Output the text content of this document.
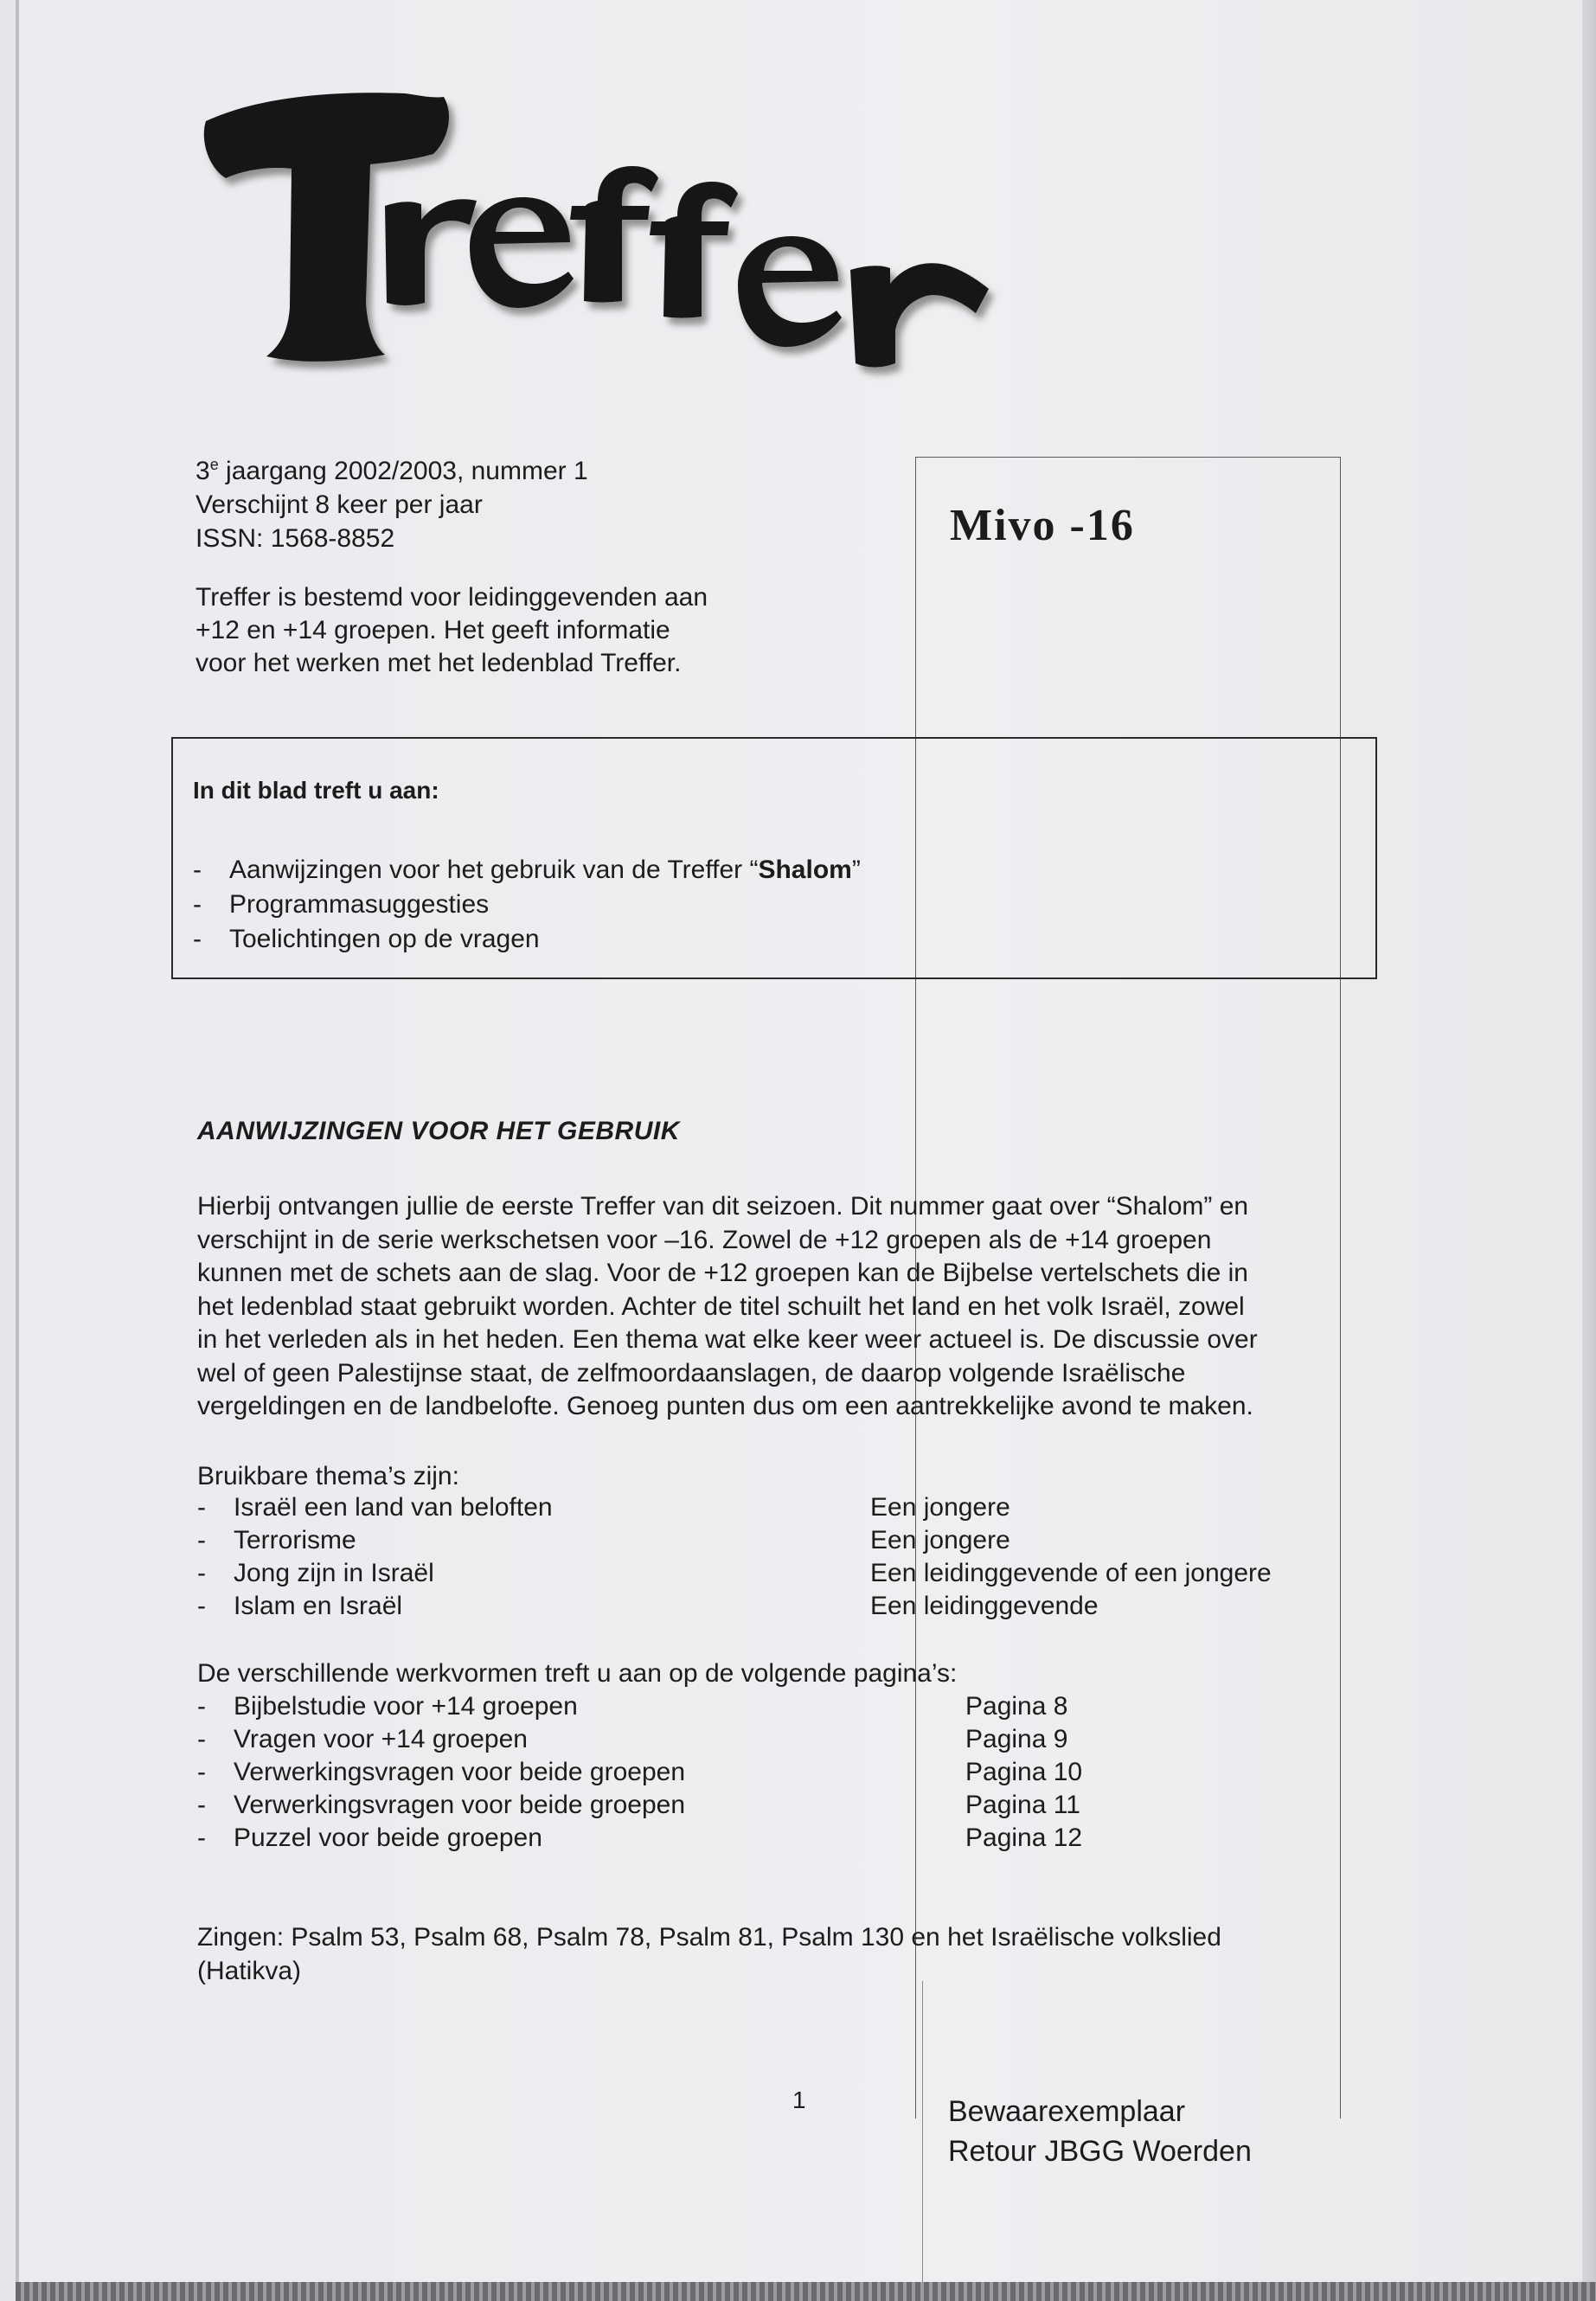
3e jaargang 2002/2003, nummer 1
Verschijnt 8 keer per jaar
ISSN: 1568-8852
Treffer is bestemd voor leidinggevenden aan
+12 en +14 groepen. Het geeft informatie
voor het werken met het ledenblad Treffer.
Mivo -16
In dit blad treft u aan:
- Aanwijzingen voor het gebruik van de Treffer “Shalom”
- Programmasuggesties
- Toelichtingen op de vragen
AANWIJZINGEN VOOR HET GEBRUIK
Hierbij ontvangen jullie de eerste Treffer van dit seizoen. Dit nummer gaat over “Shalom” en
verschijnt in de serie werkschetsen voor –16. Zowel de +12 groepen als de +14 groepen
kunnen met de schets aan de slag. Voor de +12 groepen kan de Bijbelse vertelschets die in
het ledenblad staat gebruikt worden. Achter de titel schuilt het land en het volk Israël, zowel
in het verleden als in het heden. Een thema wat elke keer weer actueel is. De discussie over
wel of geen Palestijnse staat, de zelfmoordaanslagen, de daarop volgende Israëlische
vergeldingen en de landbelofte. Genoeg punten dus om een aantrekkelijke avond te maken.
Bruikbare thema’s zijn:
- Israël een land van beloften	Een jongere
- Terrorisme	Een jongere
- Jong zijn in Israël	Een leidinggevende of een jongere
- Islam en Israël	Een leidinggevende
De verschillende werkvormen treft u aan op de volgende pagina’s:
- Bijbelstudie voor +14 groepen	Pagina 8
- Vragen voor +14 groepen	Pagina 9
- Verwerkingsvragen voor beide groepen	Pagina 10
- Verwerkingsvragen voor beide groepen	Pagina 11
- Puzzel voor beide groepen	Pagina 12
Zingen: Psalm 53, Psalm 68, Psalm 78, Psalm 81, Psalm 130 en het Israëlische volkslied
(Hatikva)
1	Bewaarexemplaar
Retour JBGG Woerden
